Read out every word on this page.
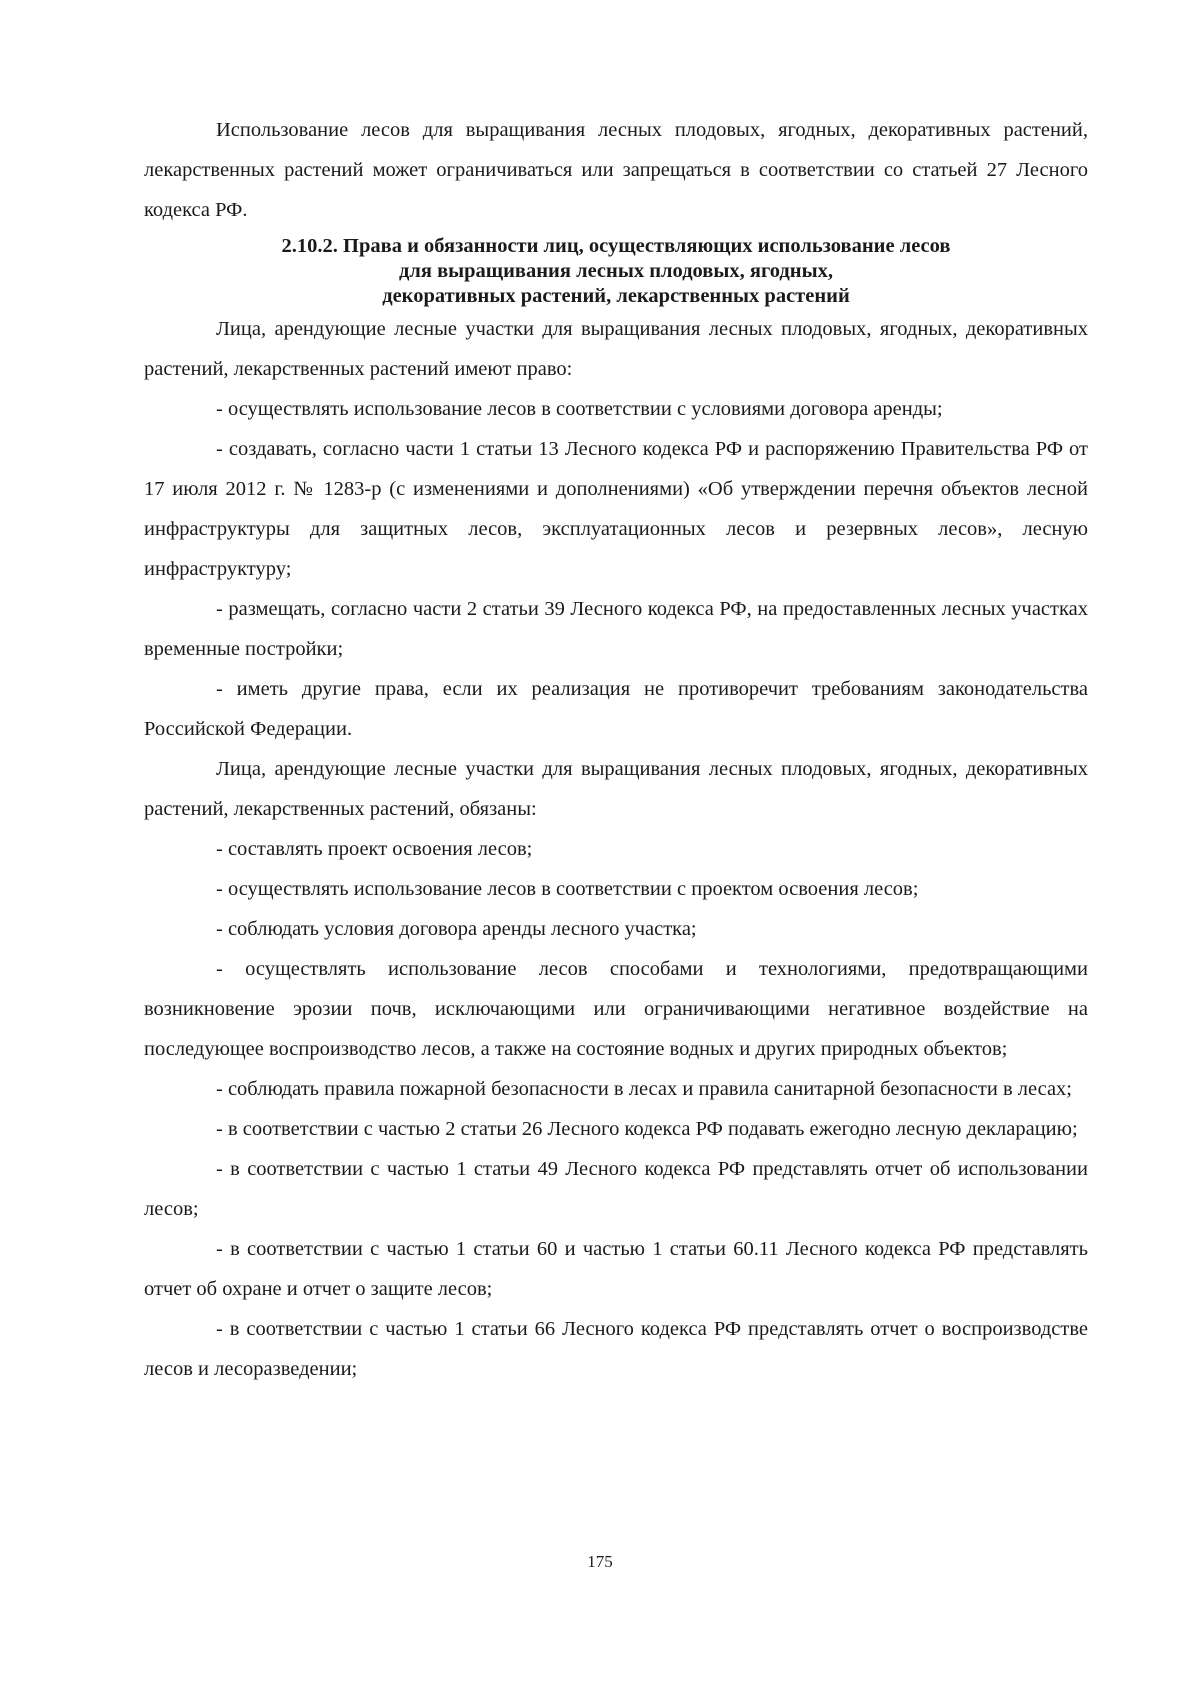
Использование лесов для выращивания лесных плодовых, ягодных, декоративных растений, лекарственных растений может ограничиваться или запрещаться в соответствии со статьей 27 Лесного кодекса РФ.

2.10.2. Права и обязанности лиц, осуществляющих использование лесов
для выращивания лесных плодовых, ягодных,
декоративных растений, лекарственных растений

Лица, арендующие лесные участки для выращивания лесных плодовых, ягодных, декоративных растений, лекарственных растений имеют право:

- осуществлять использование лесов в соответствии с условиями договора аренды;

- создавать, согласно части 1 статьи 13 Лесного кодекса РФ и распоряжению Правительства РФ от 17 июля 2012 г. № 1283-р (с изменениями и дополнениями) «Об утверждении перечня объектов лесной инфраструктуры для защитных лесов, эксплуатационных лесов и резервных лесов», лесную инфраструктуру;

- размещать, согласно части 2 статьи 39 Лесного кодекса РФ, на предоставленных лесных участках временные постройки;

- иметь другие права, если их реализация не противоречит требованиям законодательства Российской Федерации.

Лица, арендующие лесные участки для выращивания лесных плодовых, ягодных, декоративных растений, лекарственных растений, обязаны:

- составлять проект освоения лесов;

- осуществлять использование лесов в соответствии с проектом освоения лесов;

- соблюдать условия договора аренды лесного участка;

- осуществлять использование лесов способами и технологиями, предотвращающими возникновение эрозии почв, исключающими или ограничивающими негативное воздействие на последующее воспроизводство лесов, а также на состояние водных и других природных объектов;

- соблюдать правила пожарной безопасности в лесах и правила санитарной безопасности в лесах;

- в соответствии с частью 2 статьи 26 Лесного кодекса РФ подавать ежегодно лесную декларацию;

- в соответствии с частью 1 статьи 49 Лесного кодекса РФ представлять отчет об использовании лесов;

- в соответствии с частью 1 статьи 60 и частью 1 статьи 60.11 Лесного кодекса РФ представлять отчет об охране и отчет о защите лесов;

- в соответствии с частью 1 статьи 66 Лесного кодекса РФ представлять отчет о воспроизводстве лесов и лесоразведении;

175
